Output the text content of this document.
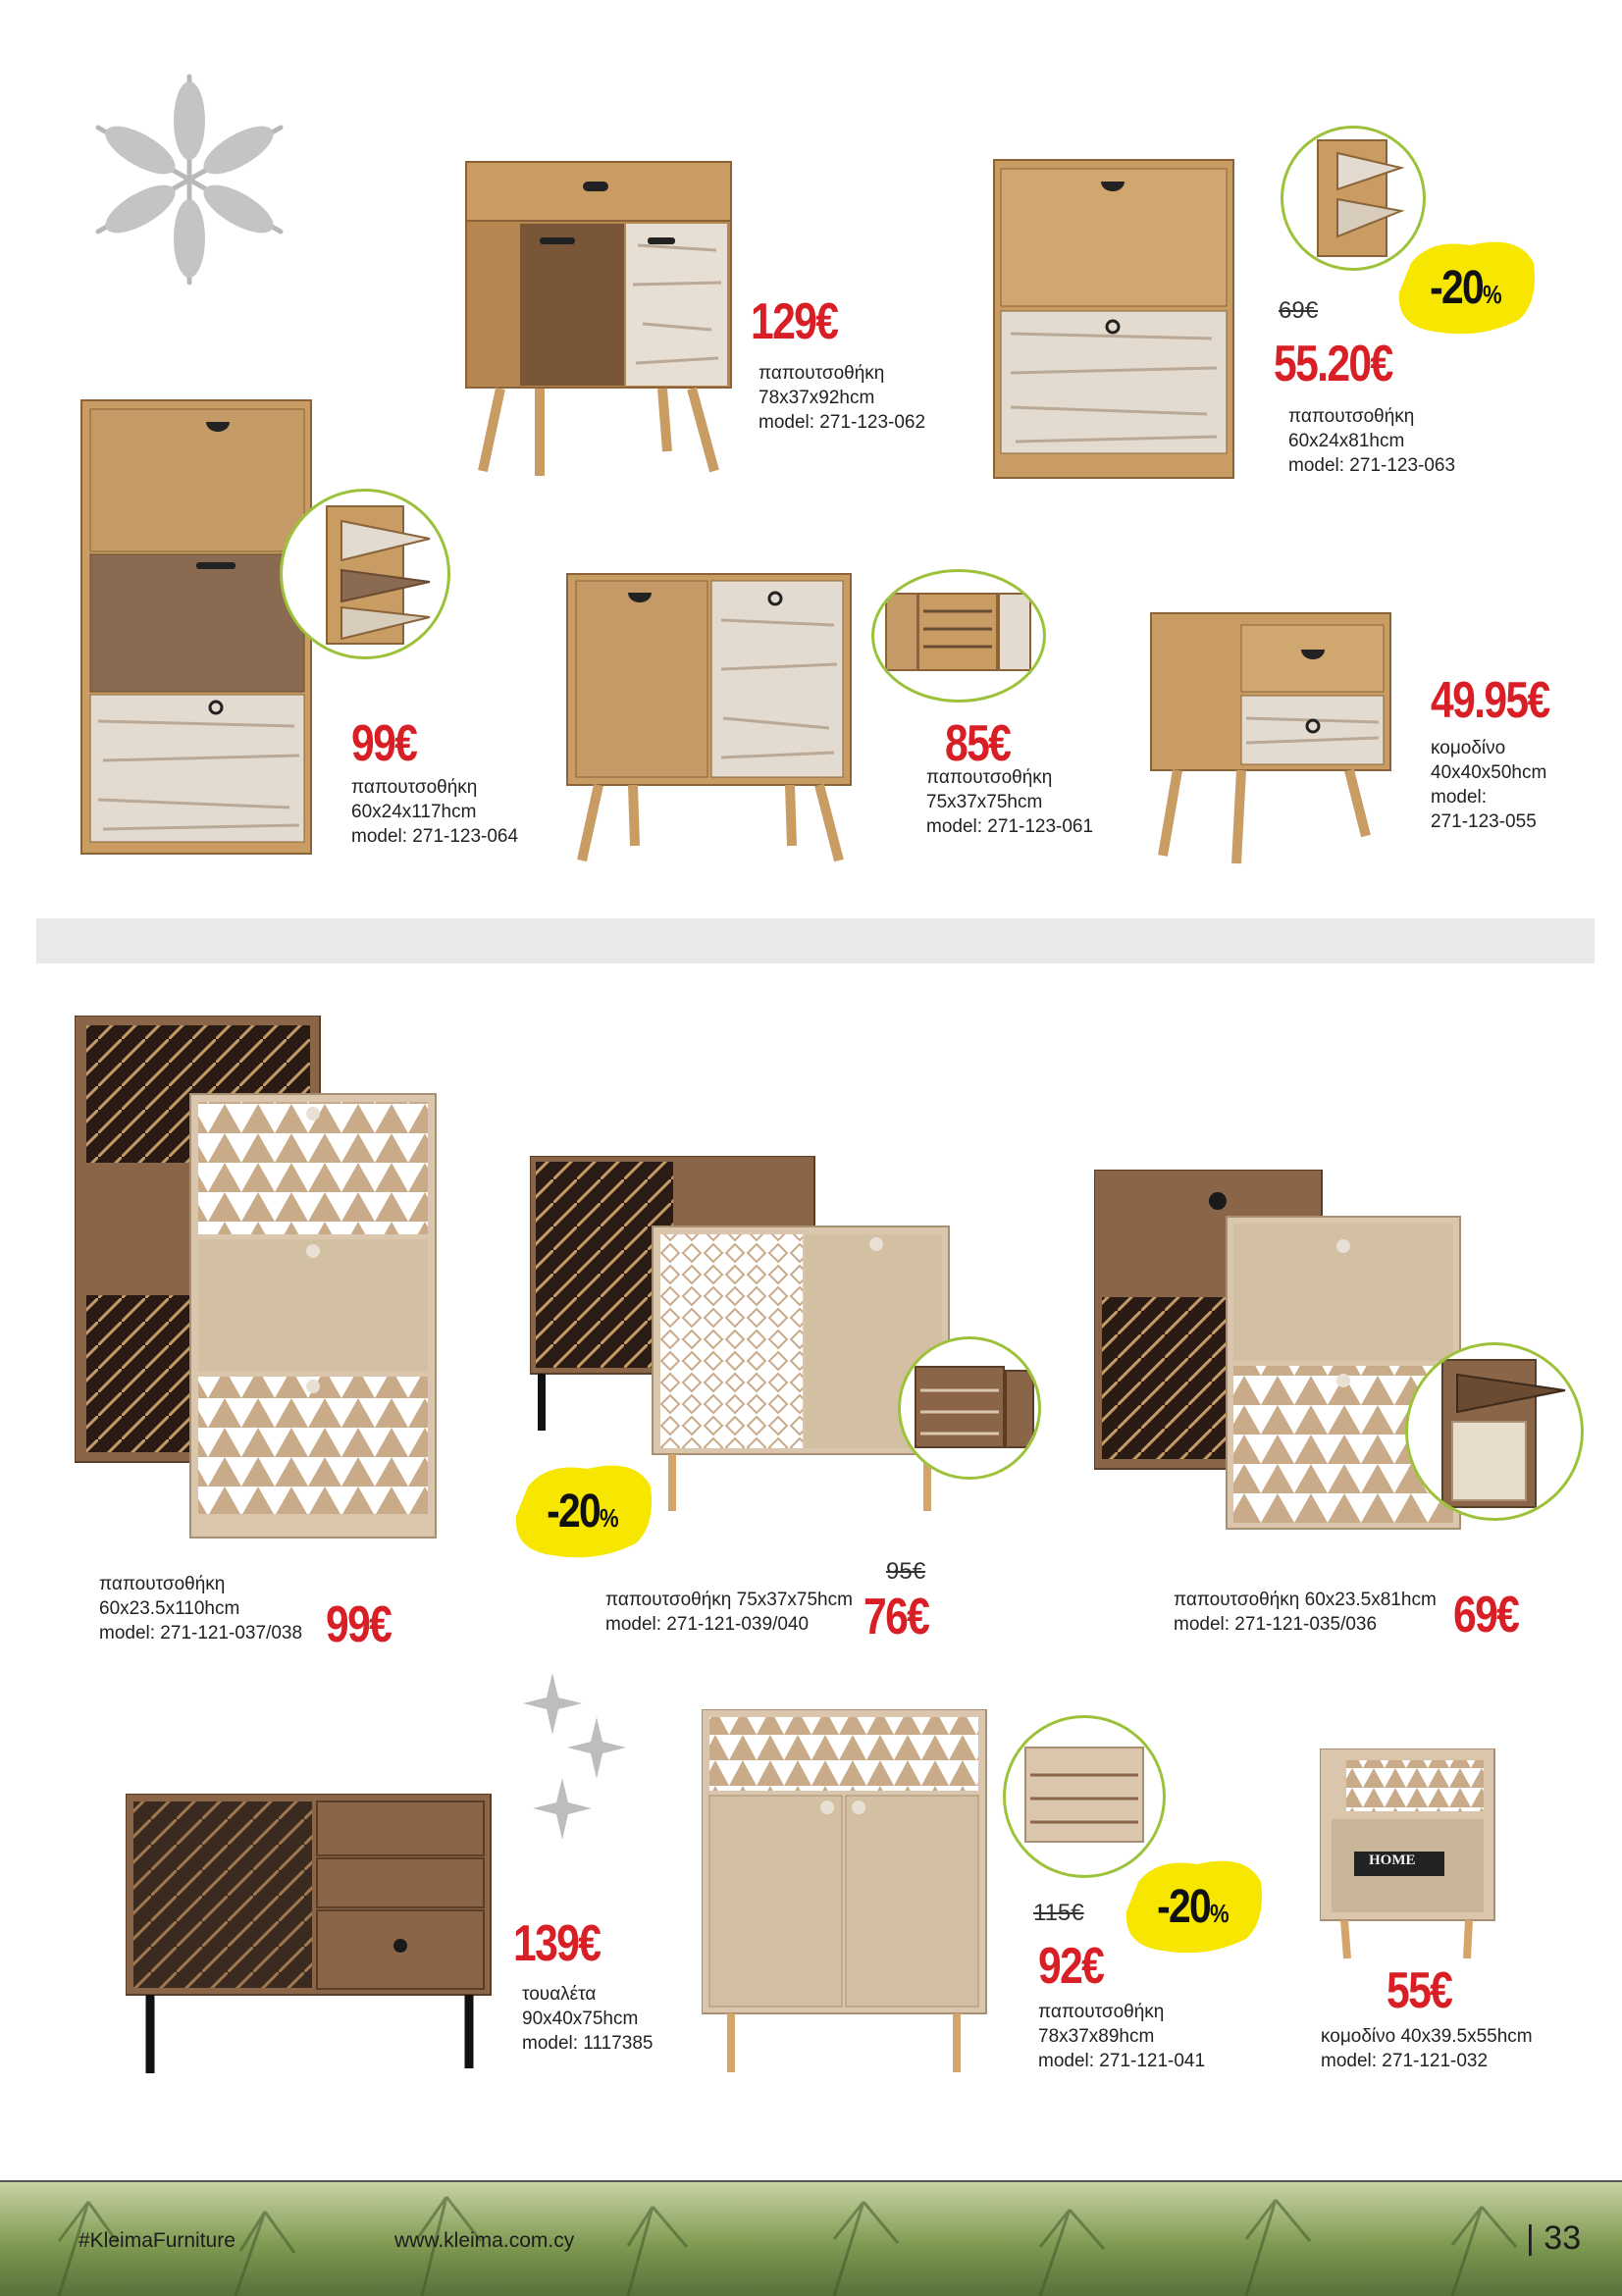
129€
παπουτσοθήκη
78x37x92hcm
model: 271-123-062
-20%
69€
55.20€
παπουτσοθήκη
60x24x81hcm
model: 271-123-063
99€
παπουτσοθήκη
60x24x117hcm
model: 271-123-064
85€
παπουτσοθήκη
75x37x75hcm
model: 271-123-061
49.95€
κομοδίνο
40x40x50hcm
model:
271-123-055
παπουτσοθήκη
60x23.5x110hcm
model: 271-121-037/038 99€
-20%
παπουτσοθήκη 75x37x75hcm
model: 271-121-039/040
95€
76€	παπουτσοθήκη 60x23.5x81hcm
model: 271-121-035/036	69€
139€
τουαλέτα
90x40x75hcm
model: 1117385
-20%
115€
92€
παπουτσοθήκη
78x37x89hcm
model: 271-121-041
HOME
55€
κομοδίνο 40x39.5x55hcm
model: 271-121-032
#KleimaFurniture	www.kleima.com.cy	| 33
